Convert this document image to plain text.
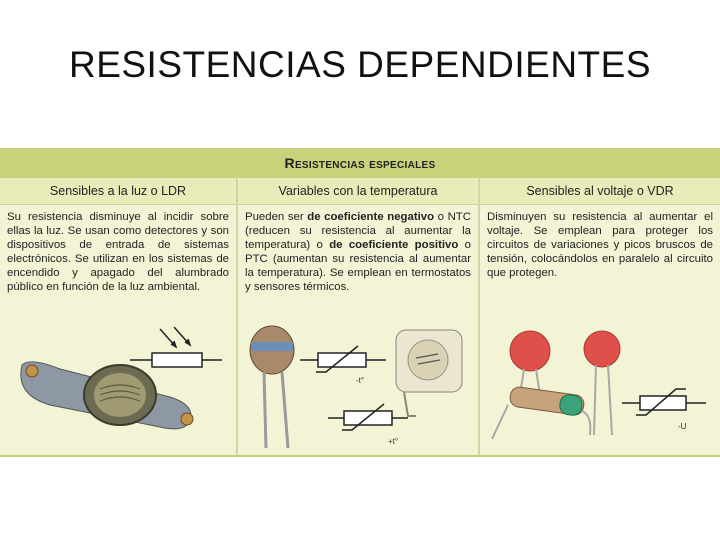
RESISTENCIAS DEPENDIENTES
Resistencias especiales
Sensibles a la luz o LDR
Su resistencia disminuye al incidir sobre ellas la luz. Se usan como detectores y son dispositivos de entrada de sistemas electrónicos. Se utilizan en los sistemas de encendido y apagado del alumbrado público en función de la luz ambiental.
Variables con la temperatura
Pueden ser de coeficiente negativo o NTC (reducen su resistencia al aumentar la temperatura) o de coeficiente positivo o PTC (aumentan su resistencia al aumentar la temperatura). Se emplean en termostatos y sensores térmicos.
-t°
+t°
Sensibles al voltaje o VDR
Disminuyen su resistencia al aumentar el voltaje. Se emplean para proteger los circuitos de variaciones y picos bruscos de tensión, colocándolos en paralelo al circuito que protegen.
-U
